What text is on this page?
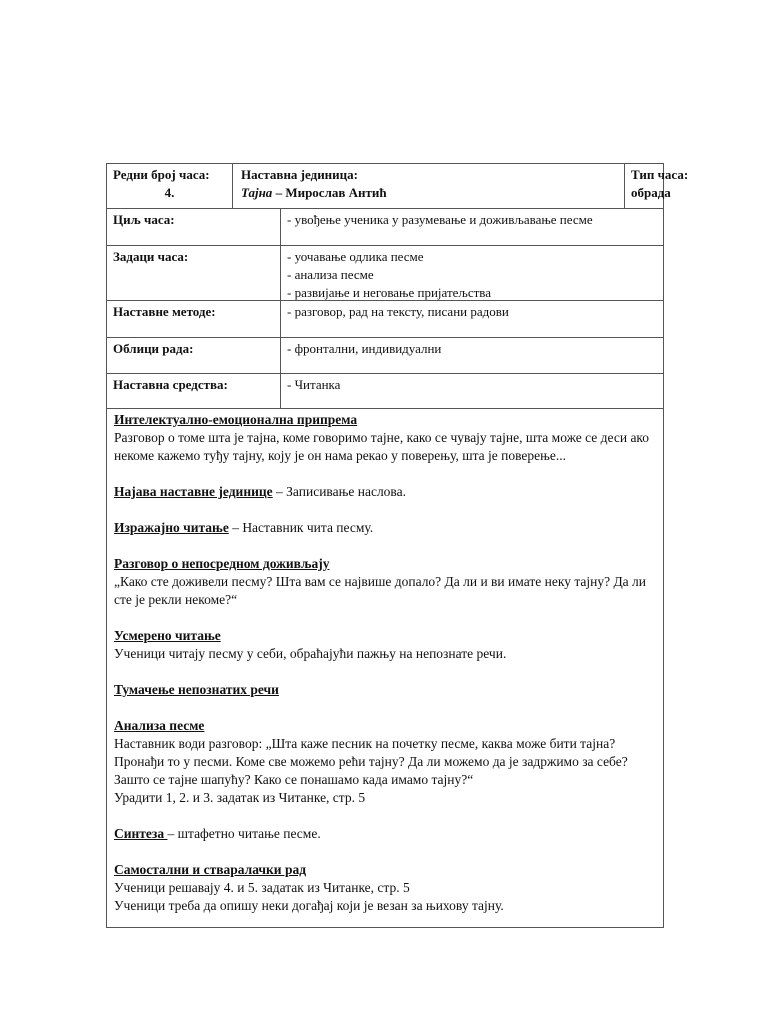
Редни број часа:
4.
Наставна јединица:
Тајна – Мирослав Антић
Тип часа:
обрада
Циљ часа:	- увођење ученика у разумевање и доживљавање песме
Задаци часа:	- уочавање одлика песме
- анализа песме
- развијање и неговање пријатељства
Наставне методе:	- разговор, рад на тексту, писани радови
Облици рада:	- фронтални, индивидуални
Наставна средства:	- Читанка
Интелектуално-емоционална припрема
Разговор о томе шта је тајна, коме говоримо тајне, како се чувају тајне, шта може се деси ако некоме кажемо туђу тајну, коју је он нама рекао у поверењу, шта је поверење...
Најава наставне јединице – Записивање наслова.
Изражајно читање – Наставник чита песму.
Разговор о непосредном доживљају
„Како сте доживели песму? Шта вам се највише допало? Да ли и ви имате неку тајну? Да ли сте је рекли некоме?“
Усмерено читање
Ученици читају песму у себи, обраћајући пажњу на непознате речи.
Тумачење непознатих речи
Анализа песме
Наставник води разговор: „Шта каже песник на почетку песме, каква може бити тајна? Пронађи то у песми. Коме све можемо рећи тајну? Да ли можемо да је задржимо за себе? Зашто се тајне шапућу? Како се понашамо када имамо тајну?“
Урадити 1, 2. и 3. задатак из Читанке, стр. 5
Синтеза – штафетно читање песме.
Самостални и стваралачки рад
Ученици решавају 4. и 5. задатак из Читанке, стр. 5
Ученици треба да опишу неки догађај који је везан за њихову тајну.
